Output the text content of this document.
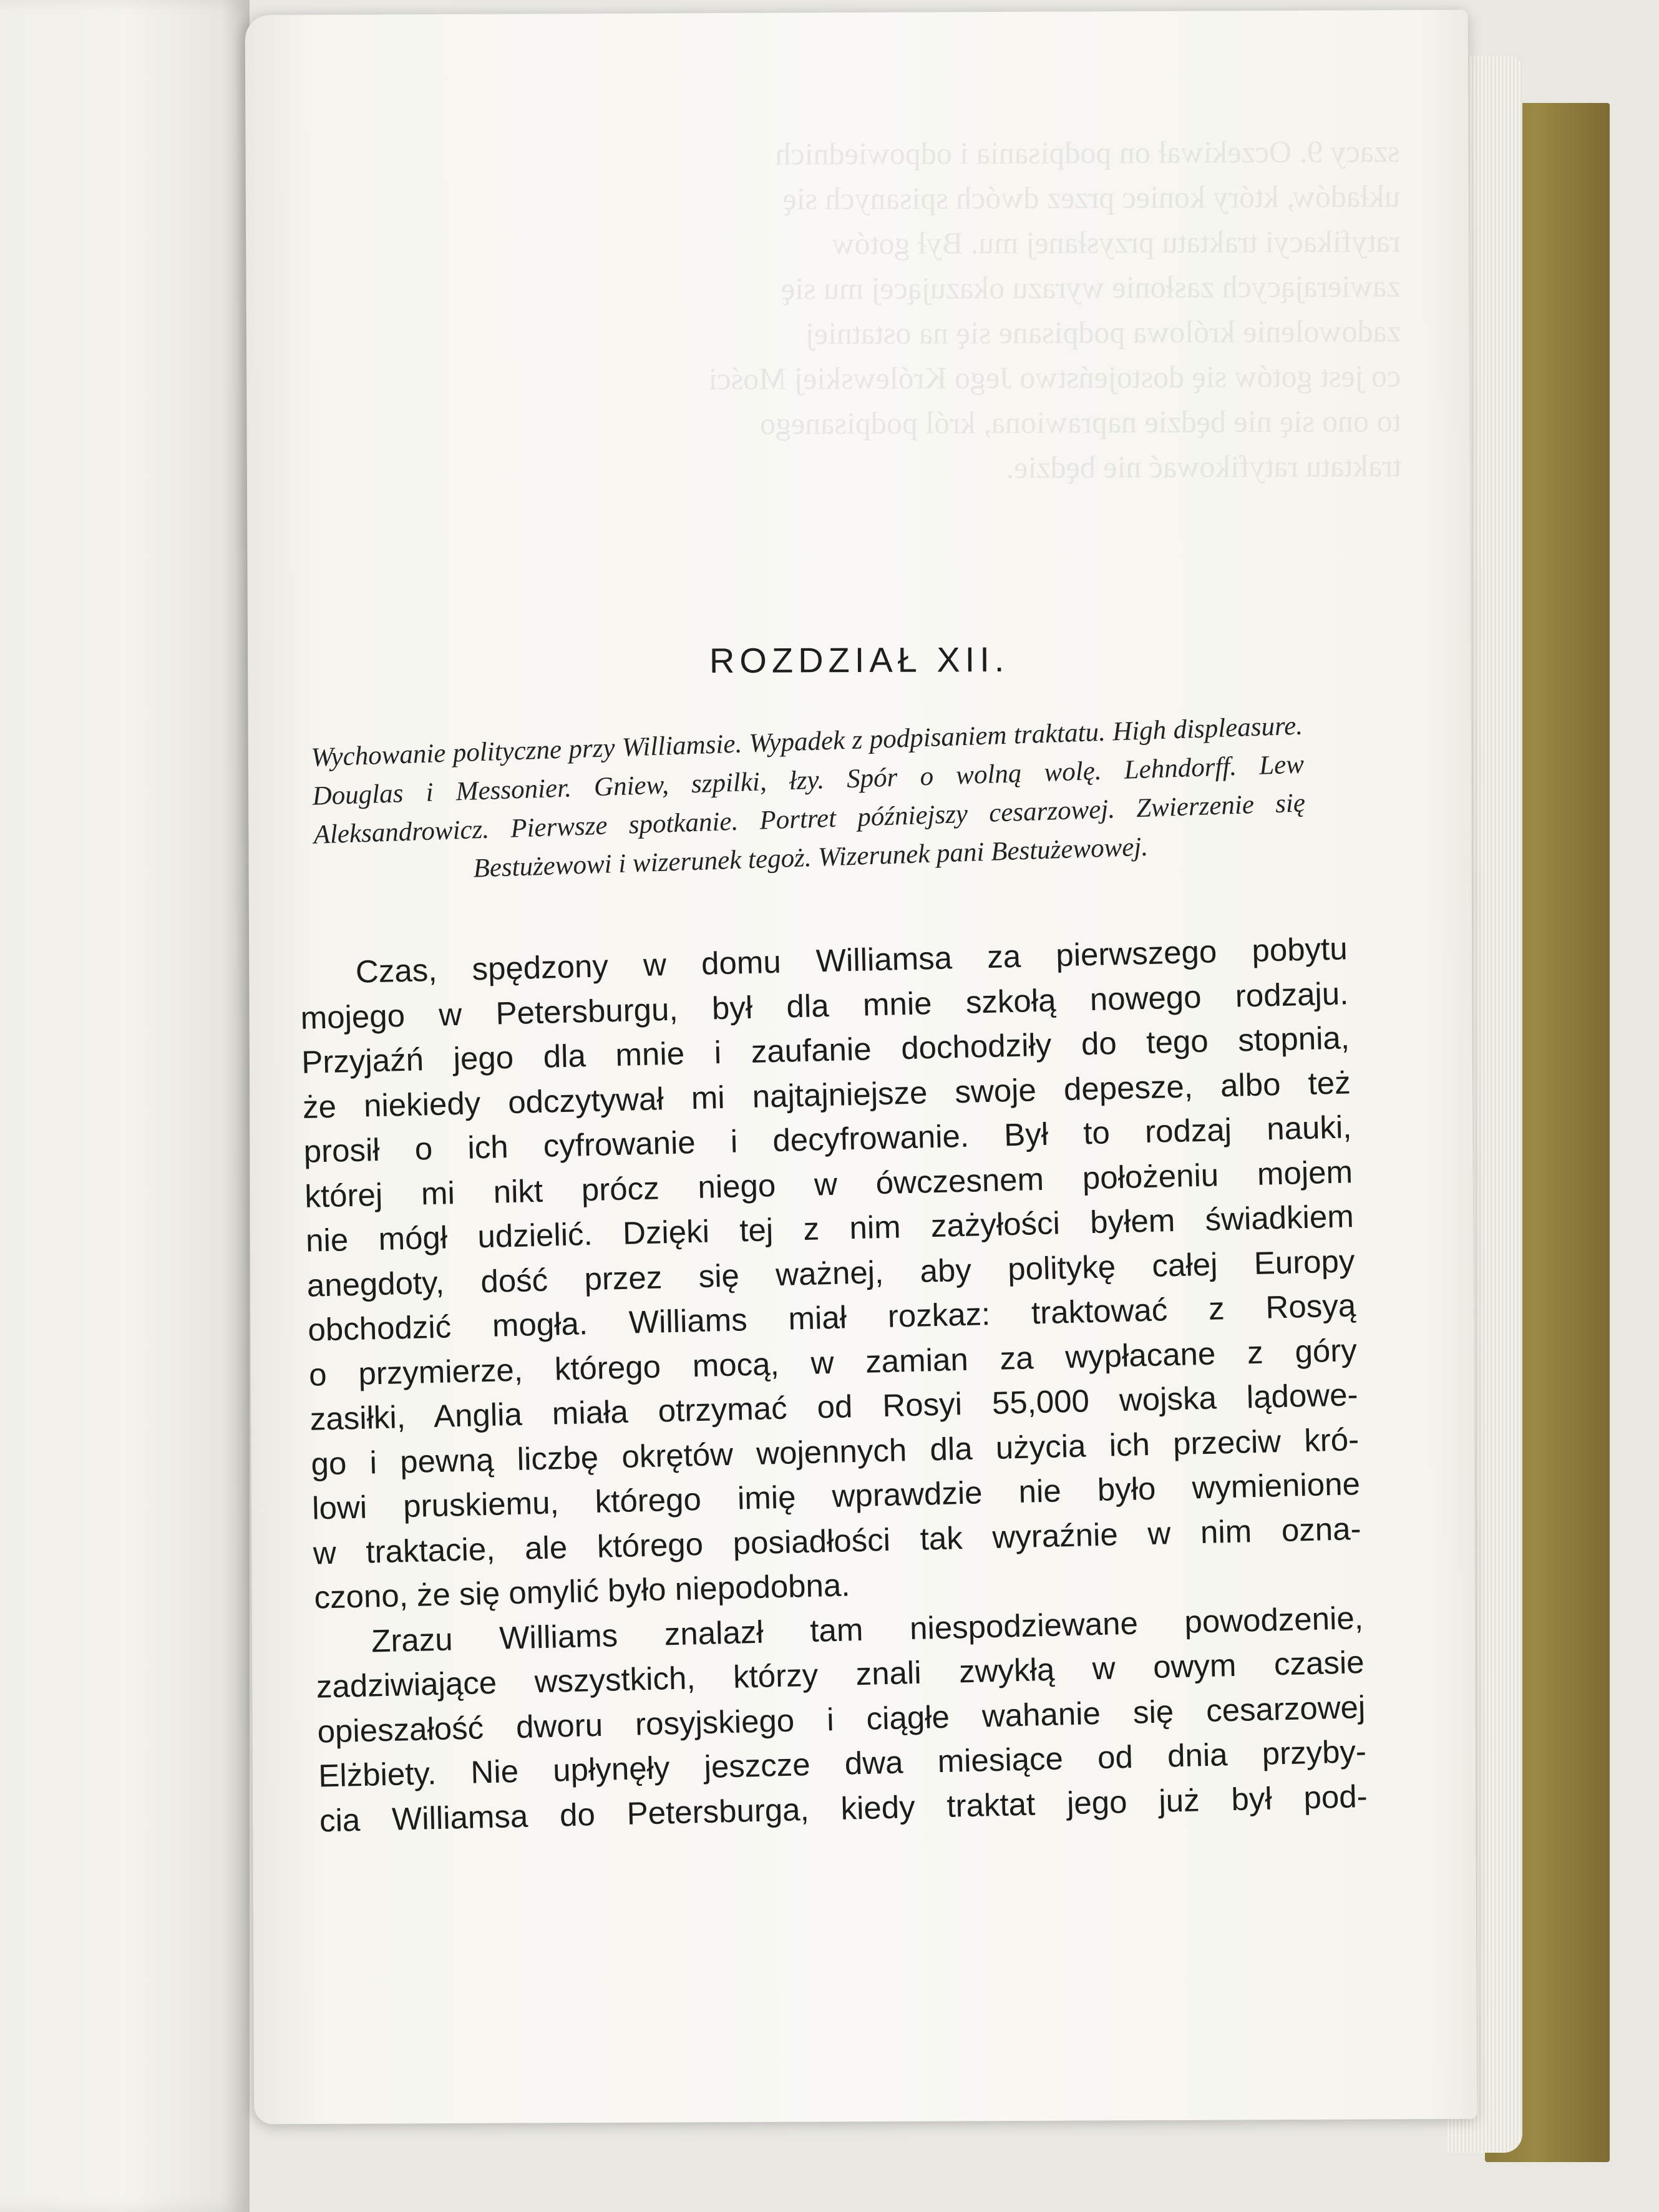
szacy 9. Oczekiwał on podpisania i odpowiednich
układów, który koniec przez dwóch spisanych się
ratyfikacyi traktatu przysłanej mu. Był gotów
zawierających zasłonie wyrazu okazującej mu się
zadowolenie królowa podpisane się na ostatniej
co jest gotów się dostojeństwo Jego Królewskiej Mości
to ono się nie będzie naprawiona, król podpisanego
traktatu ratyfikować nie będzie.
ROZDZIAŁ XII.
Wychowanie polityczne przy Williamsie. Wypadek z podpisaniem traktatu. High displeasure. Douglas i Messonier. Gniew, szpilki, łzy. Spór o wolną wolę. Lehndorff. Lew Aleksandrowicz. Pierwsze spotkanie. Portret późniejszy cesarzowej. Zwierzenie się Bestużewowi i wizerunek tegoż. Wizerunek pani Bestużewowej.
Czas, spędzony w domu Williamsa za pierwszego pobytu
mojego w Petersburgu, był dla mnie szkołą nowego rodzaju.
Przyjaźń jego dla mnie i zaufanie dochodziły do tego stopnia,
że niekiedy odczytywał mi najtajniejsze swoje depesze, albo też
prosił o ich cyfrowanie i decyfrowanie. Był to rodzaj nauki,
której mi nikt prócz niego w ówczesnem położeniu mojem
nie mógł udzielić. Dzięki tej z nim zażyłości byłem świadkiem
anegdoty, dość przez się ważnej, aby politykę całej Europy
obchodzić mogła. Williams miał rozkaz: traktować z Rosyą
o przymierze, którego mocą, w zamian za wypłacane z góry
zasiłki, Anglia miała otrzymać od Rosyi 55,000 wojska lądowe-
go i pewną liczbę okrętów wojennych dla użycia ich przeciw kró-
lowi pruskiemu, którego imię wprawdzie nie było wymienione
w traktacie, ale którego posiadłości tak wyraźnie w nim ozna-
czono, że się omylić było niepodobna.
Zrazu Williams znalazł tam niespodziewane powodzenie,
zadziwiające wszystkich, którzy znali zwykłą w owym czasie
opieszałość dworu rosyjskiego i ciągłe wahanie się cesarzowej
Elżbiety. Nie upłynęły jeszcze dwa miesiące od dnia przyby-
cia Williamsa do Petersburga, kiedy traktat jego już był pod-
